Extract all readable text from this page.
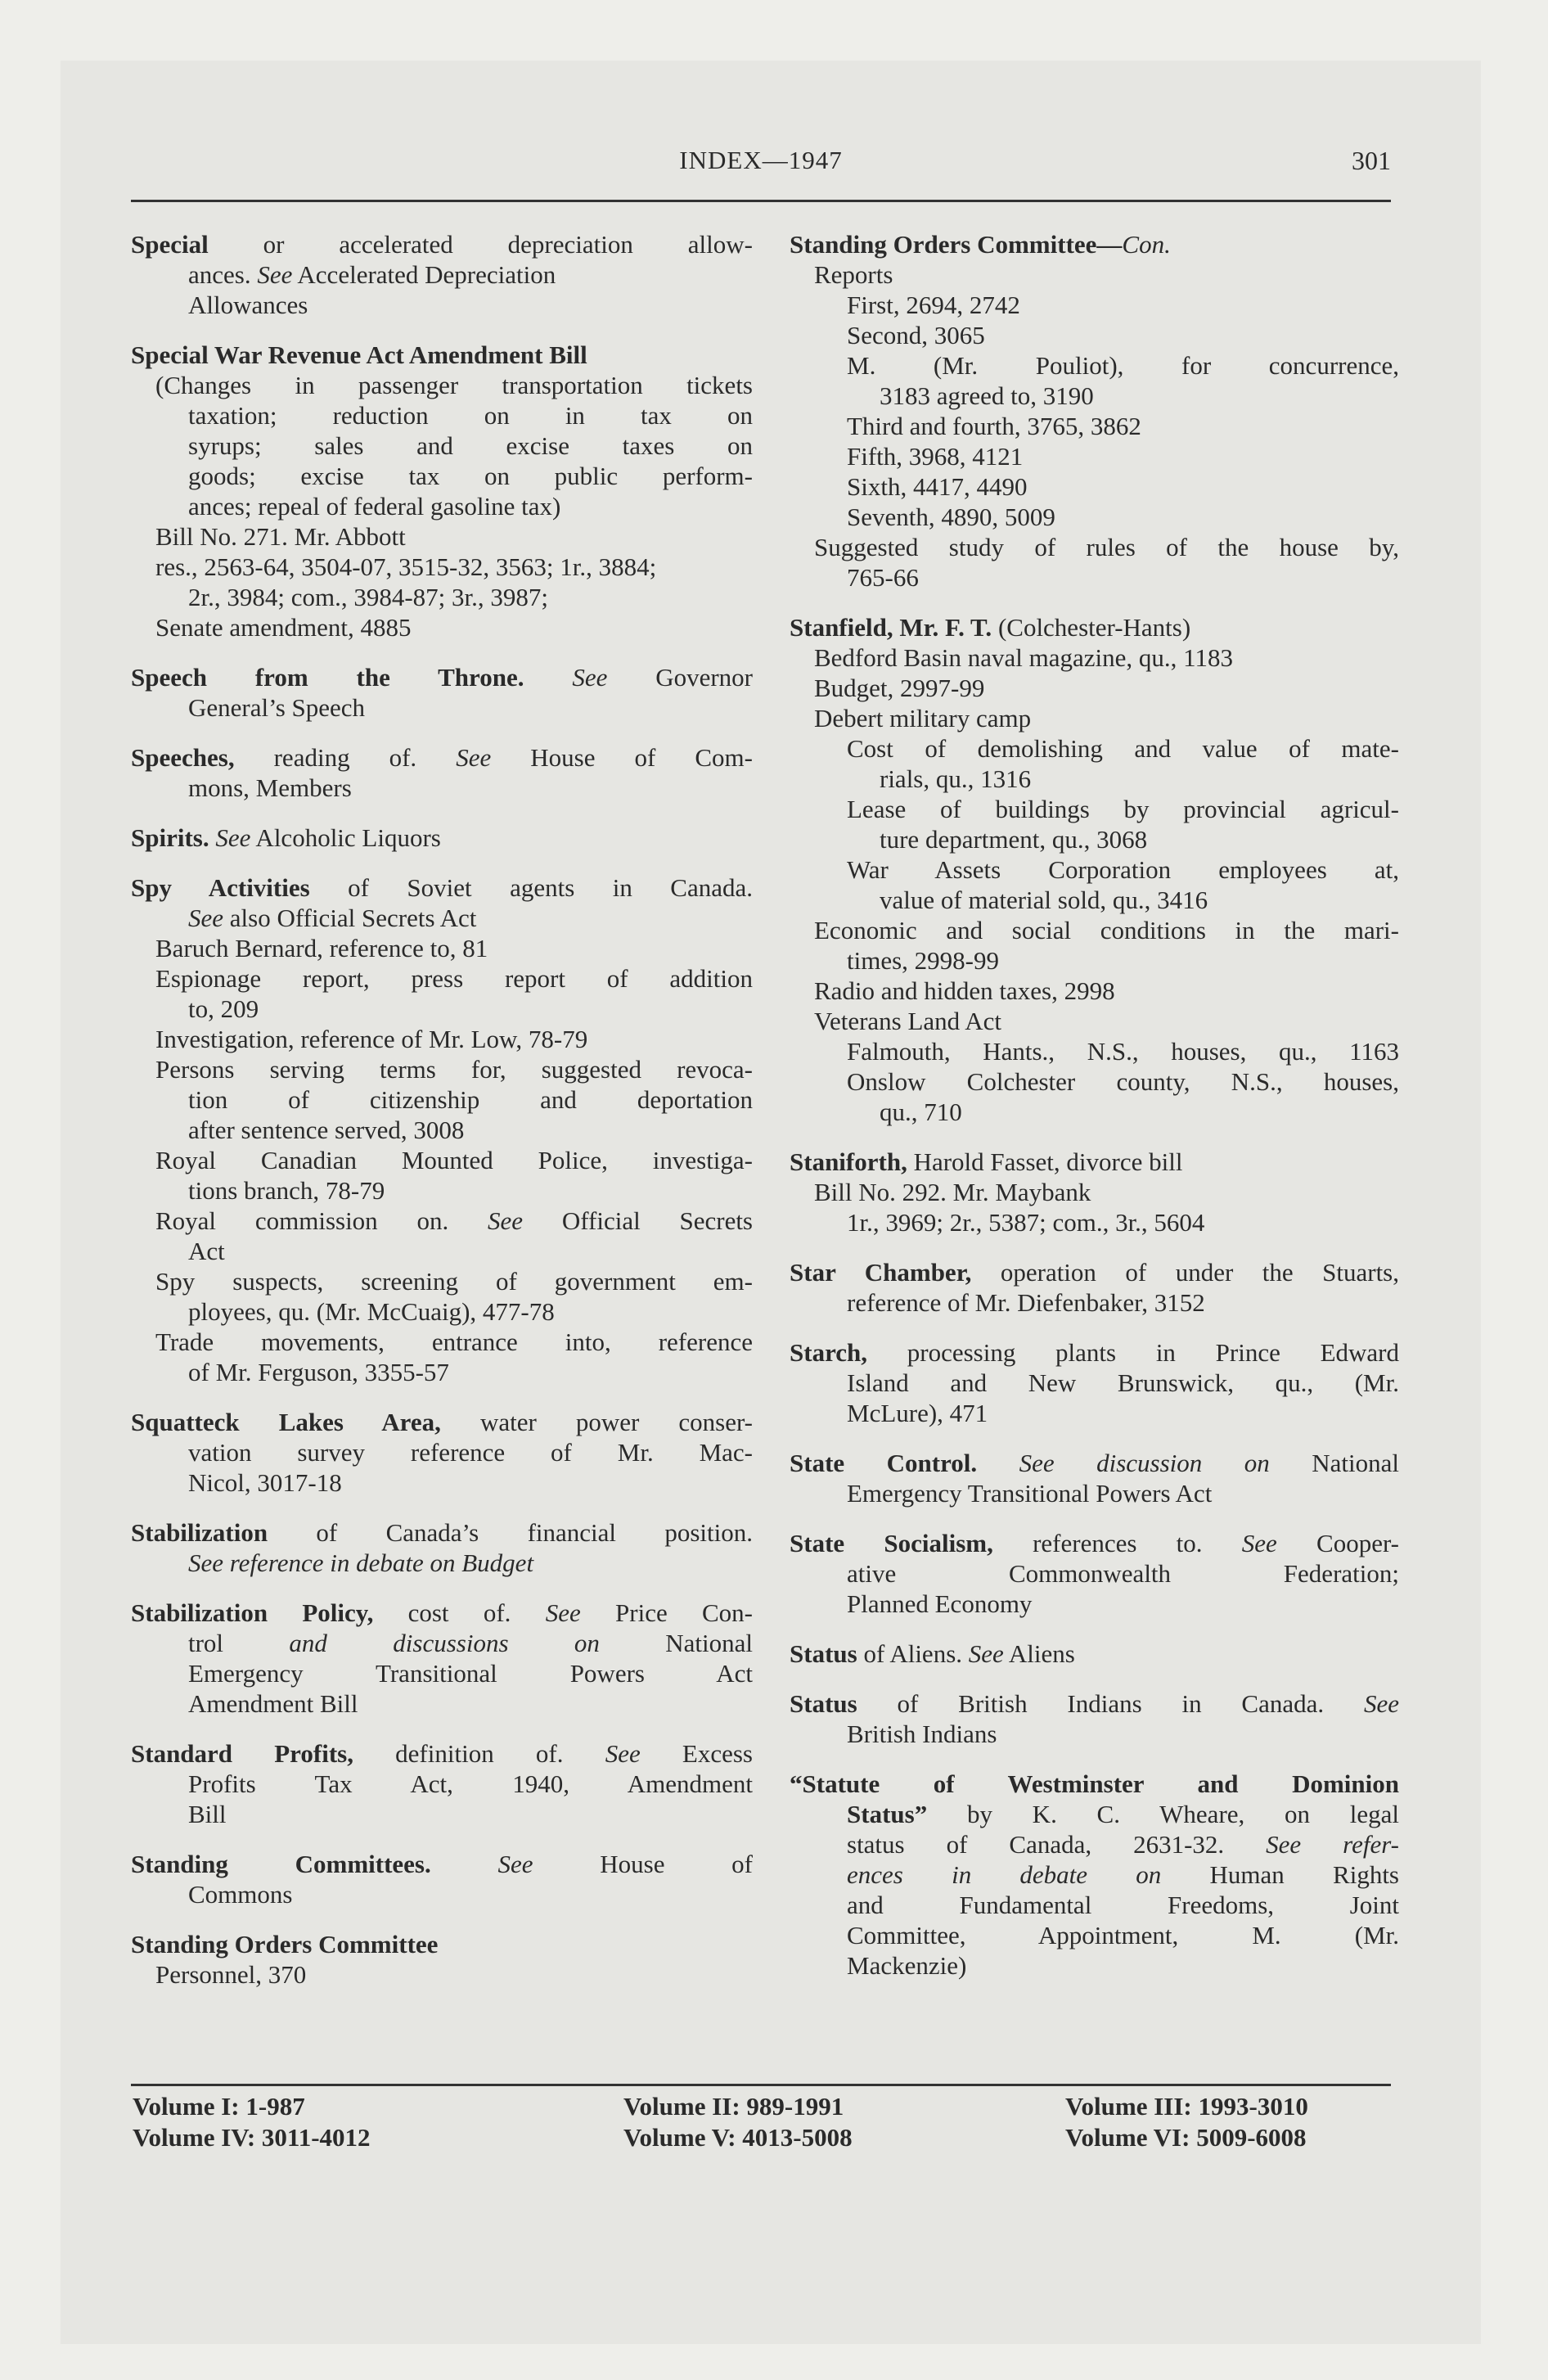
INDEX—1947	301
Special or accelerated depreciation allow-
ances. See Accelerated Depreciation
Allowances
Special War Revenue Act Amendment Bill
(Changes in passenger transportation tickets
taxation; reduction on in tax on
syrups; sales and excise taxes on
goods; excise tax on public perform-
ances; repeal of federal gasoline tax)
Bill No. 271. Mr. Abbott
res., 2563-64, 3504-07, 3515-32, 3563; 1r., 3884;
2r., 3984; com., 3984-87; 3r., 3987;
Senate amendment, 4885
Speech from the Throne. See Governor
General’s Speech
Speeches, reading of. See House of Com-
mons, Members
Spirits. See Alcoholic Liquors
Spy Activities of Soviet agents in Canada.
See also Official Secrets Act
Baruch Bernard, reference to, 81
Espionage report, press report of addition
to, 209
Investigation, reference of Mr. Low, 78-79
Persons serving terms for, suggested revoca-
tion of citizenship and deportation
after sentence served, 3008
Royal Canadian Mounted Police, investiga-
tions branch, 78-79
Royal commission on. See Official Secrets
Act
Spy suspects, screening of government em-
ployees, qu. (Mr. McCuaig), 477-78
Trade movements, entrance into, reference
of Mr. Ferguson, 3355-57
Squatteck Lakes Area, water power conser-
vation survey reference of Mr. Mac-
Nicol, 3017-18
Stabilization of Canada’s financial position.
See reference in debate on Budget
Stabilization Policy, cost of. See Price Con-
trol and discussions on National
Emergency Transitional Powers Act
Amendment Bill
Standard Profits, definition of. See Excess
Profits Tax Act, 1940, Amendment
Bill
Standing Committees.	See House of
Commons
Standing Orders Committee
Personnel, 370
Standing Orders Committee—Con.
Reports
First, 2694, 2742
Second, 3065
M. (Mr. Pouliot), for concurrence,
3183 agreed to, 3190
Third and fourth, 3765, 3862
Fifth, 3968, 4121
Sixth, 4417, 4490
Seventh, 4890, 5009
Suggested study of rules of the house by,
765-66
Stanfield, Mr. F. T. (Colchester-Hants)
Bedford Basin naval magazine, qu., 1183
Budget, 2997-99
Debert military camp
Cost of demolishing and value of mate-
rials, qu., 1316
Lease of buildings by provincial agricul-
ture department, qu., 3068
War Assets Corporation employees at,
value of material sold, qu., 3416
Economic and social conditions in the mari-
times, 2998-99
Radio and hidden taxes, 2998
Veterans Land Act
Falmouth, Hants., N.S., houses, qu., 1163
Onslow Colchester county, N.S., houses,
qu., 710
Staniforth, Harold Fasset, divorce bill
Bill No. 292. Mr. Maybank
1r., 3969; 2r., 5387; com., 3r., 5604
Star Chamber, operation of under the Stuarts,
reference of Mr. Diefenbaker, 3152
Starch, processing plants in Prince Edward
Island and New Brunswick, qu., (Mr.
McLure), 471
State Control. See discussion on National
Emergency Transitional Powers Act
State Socialism, references to. See Cooper-
ative Commonwealth Federation;
Planned Economy
Status of Aliens. See Aliens
Status of British Indians in Canada. See
British Indians
“Statute of Westminster and Dominion
Status” by K. C. Wheare, on legal
status of Canada, 2631-32. See refer-
ences in debate on Human Rights
and Fundamental Freedoms, Joint
Committee, Appointment, M. (Mr.
Mackenzie)
Volume I: 1-987	Volume II: 989-1991	Volume III: 1993-3010
Volume IV: 3011-4012	Volume V: 4013-5008	Volume VI: 5009-6008
